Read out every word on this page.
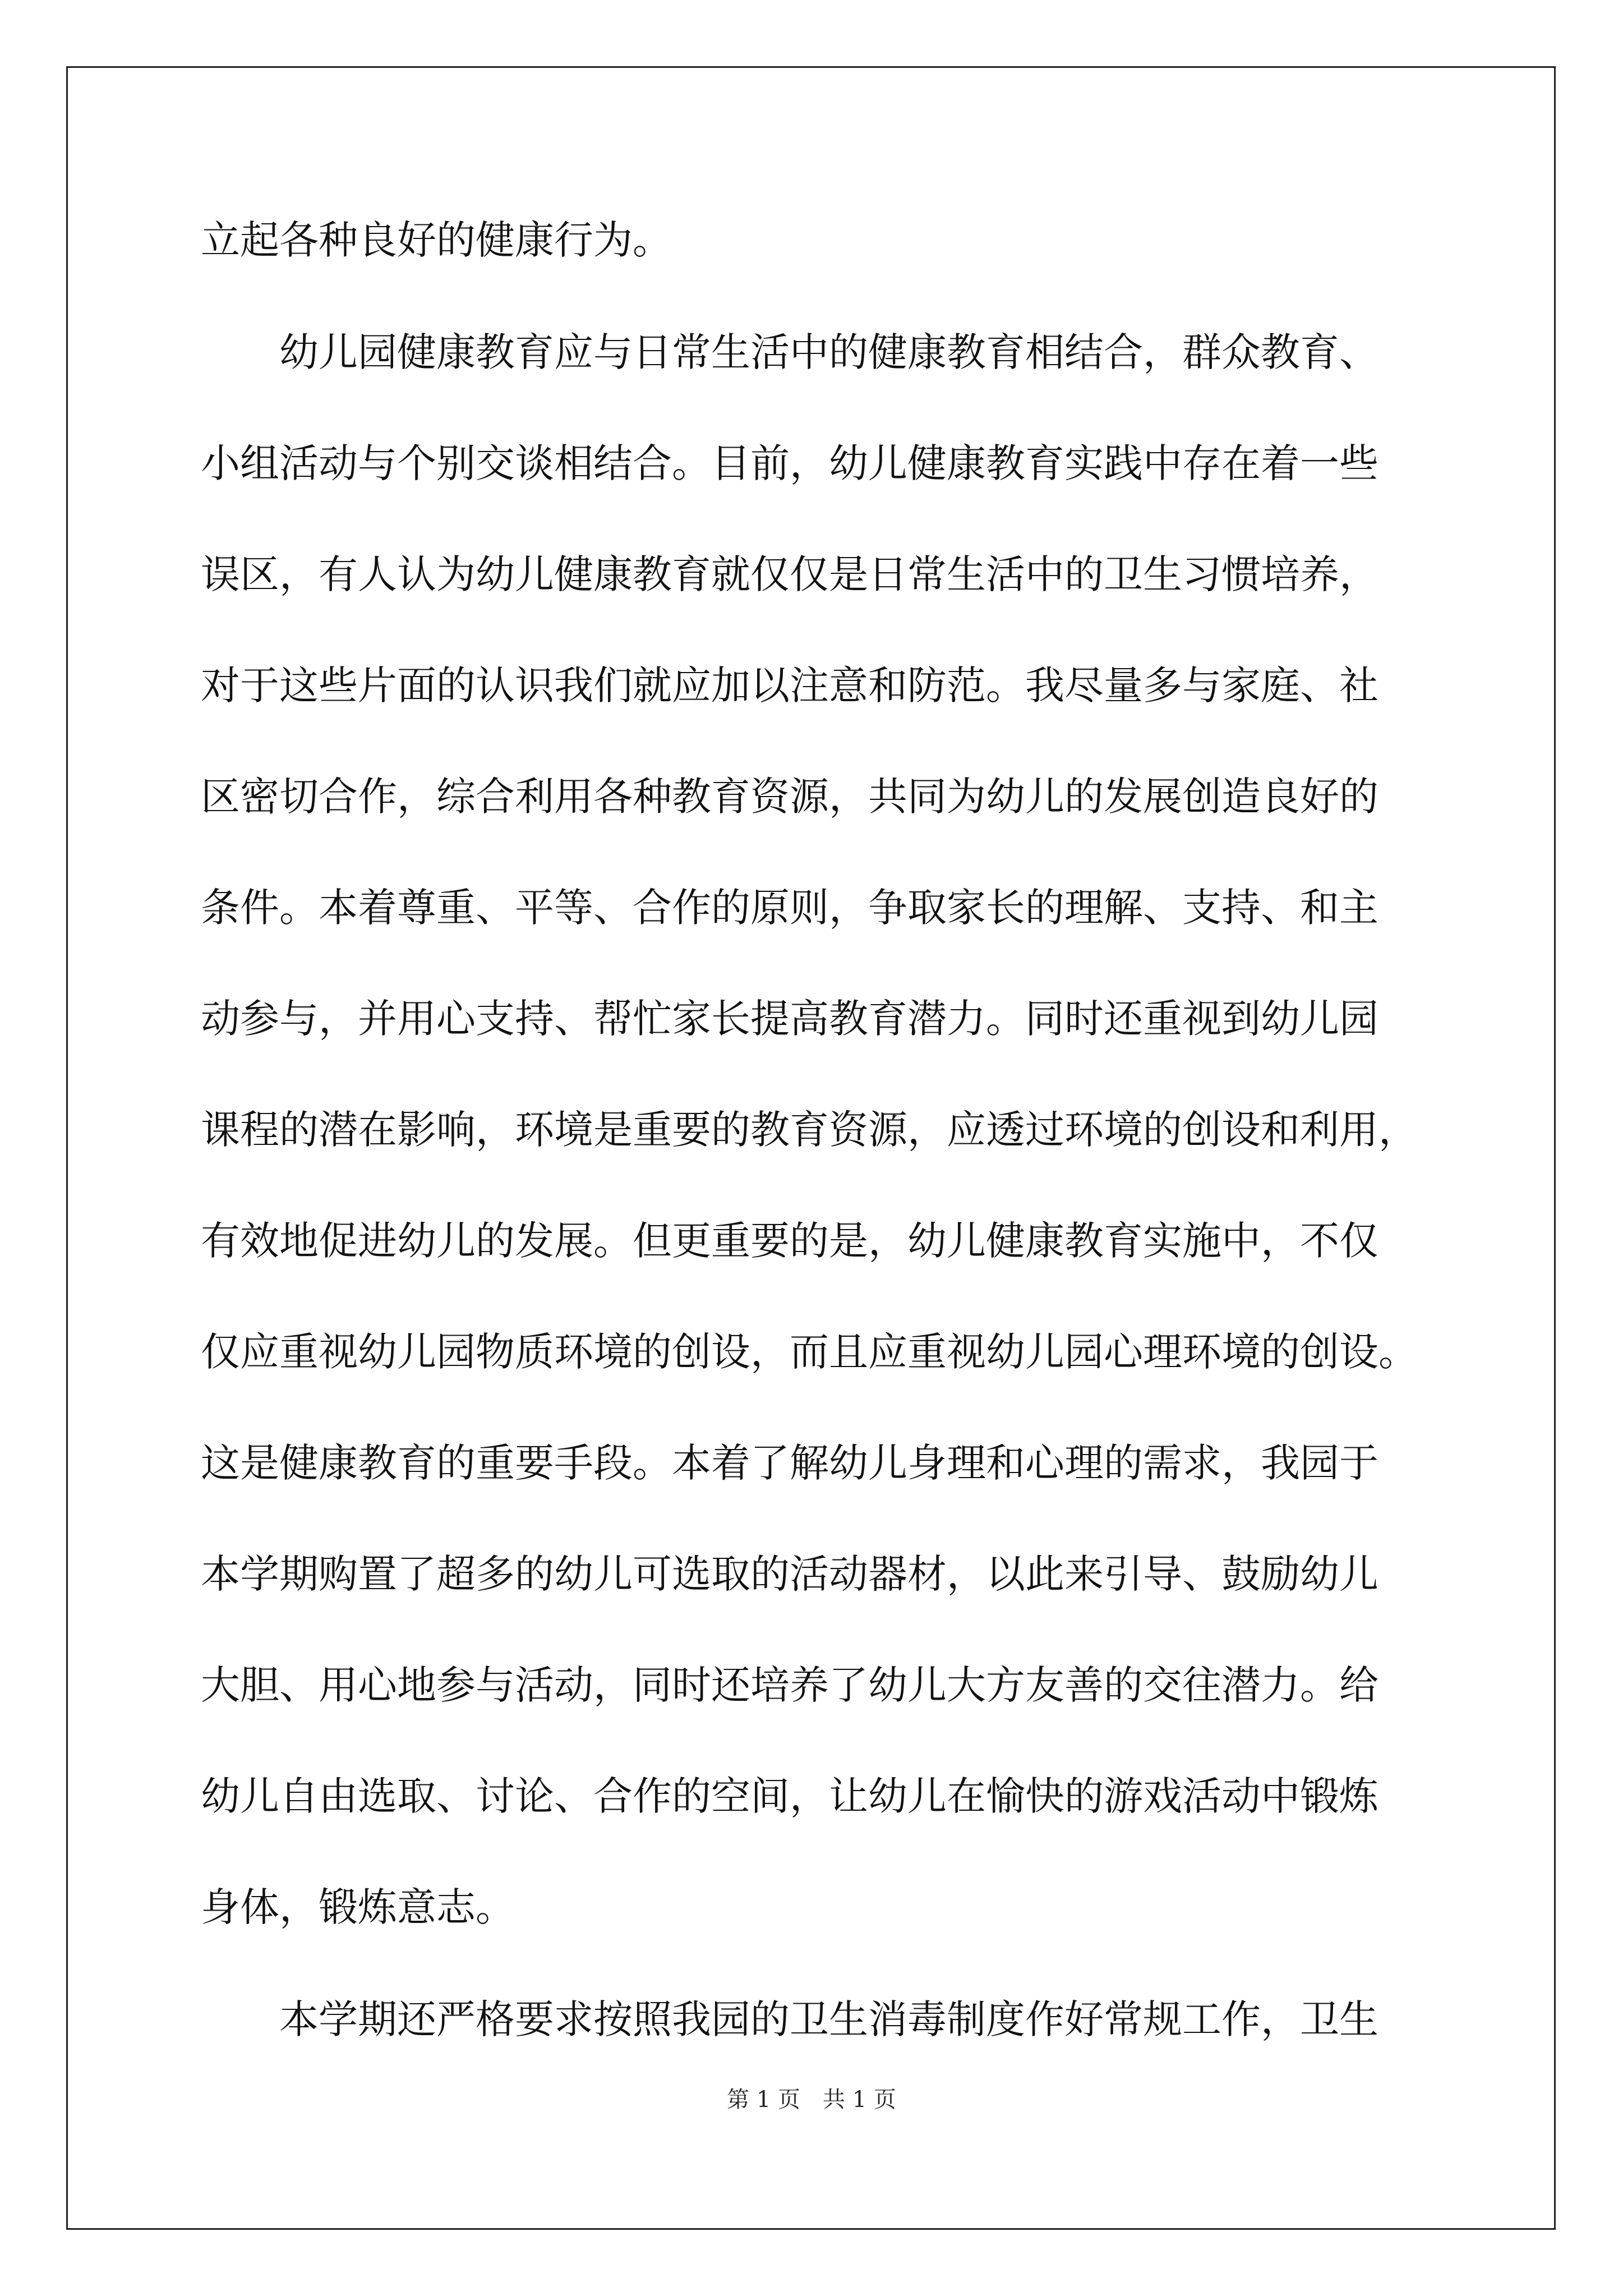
立起各种良好的健康行为。
幼儿园健康教育应与日常生活中的健康教育相结合，群众教育、
小组活动与个别交谈相结合。目前，幼儿健康教育实践中存在着一些
误区，有人认为幼儿健康教育就仅仅是日常生活中的卫生习惯培养，
对于这些片面的认识我们就应加以注意和防范。我尽量多与家庭、社
区密切合作，综合利用各种教育资源，共同为幼儿的发展创造良好的
条件。本着尊重、平等、合作的原则，争取家长的理解、支持、和主
动参与，并用心支持、帮忙家长提高教育潜力。同时还重视到幼儿园
课程的潜在影响，环境是重要的教育资源，应透过环境的创设和利用，
有效地促进幼儿的发展。但更重要的是，幼儿健康教育实施中，不仅
仅应重视幼儿园物质环境的创设，而且应重视幼儿园心理环境的创设。
这是健康教育的重要手段。本着了解幼儿身理和心理的需求，我园于
本学期购置了超多的幼儿可选取的活动器材，以此来引导、鼓励幼儿
大胆、用心地参与活动，同时还培养了幼儿大方友善的交往潜力。给
幼儿自由选取、讨论、合作的空间，让幼儿在愉快的游戏活动中锻炼
身体，锻炼意志。
本学期还严格要求按照我园的卫生消毒制度作好常规工作，卫生
第 1 页　共 1 页
